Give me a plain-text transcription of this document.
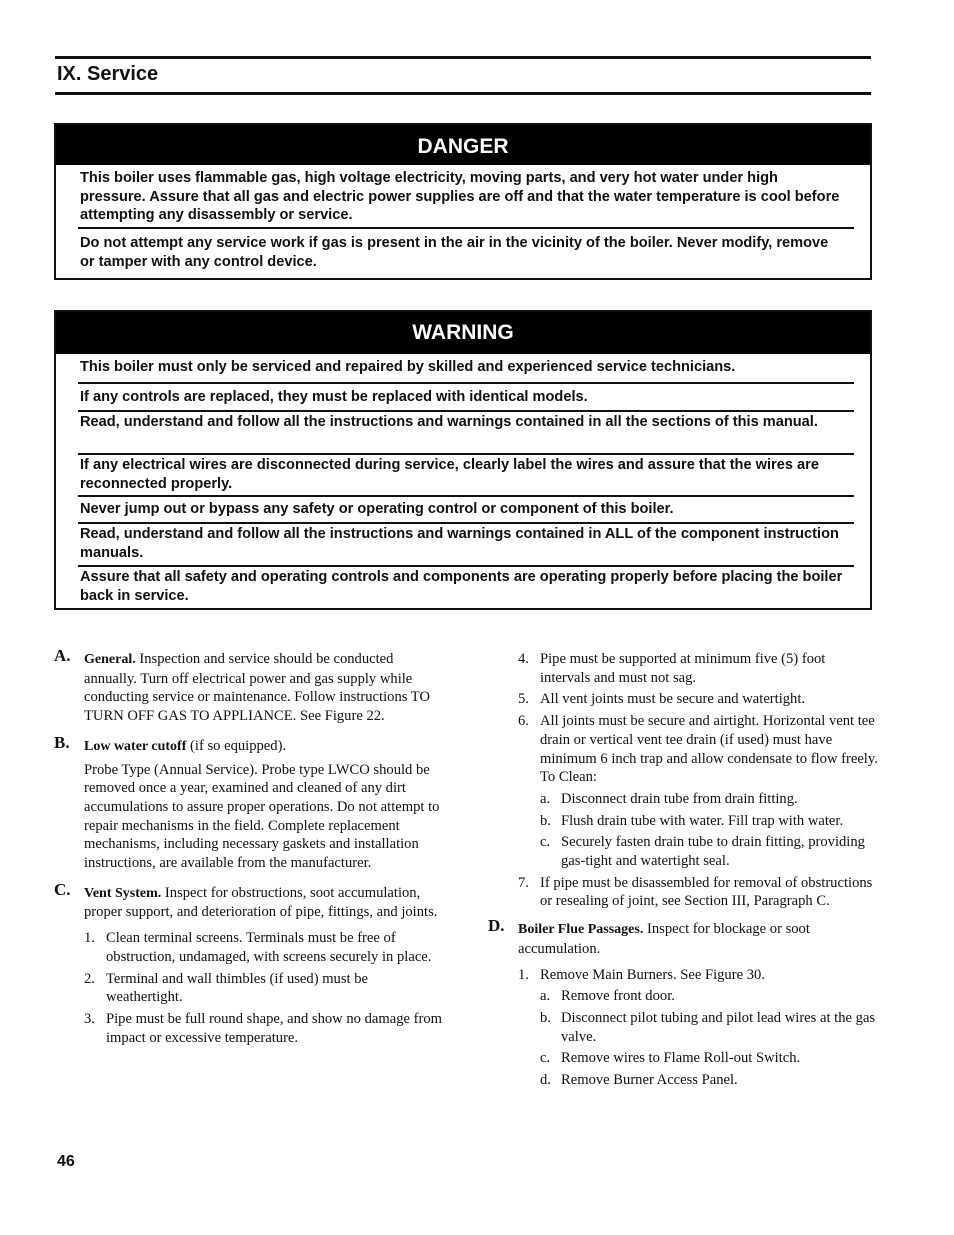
IX. Service
DANGER
This boiler uses flammable gas, high voltage electricity, moving parts, and very hot water under high pressure. Assure that all gas and electric power supplies are off and that the water temperature is cool before attempting any disassembly or service.
Do not attempt any service work if gas is present in the air in the vicinity of the boiler. Never modify, remove or tamper with any control device.
WARNING
This boiler must only be serviced and repaired by skilled and experienced service technicians.
If any controls are replaced, they must be replaced with identical models.
Read, understand and follow all the instructions and warnings contained in all the sections of this manual.
If any electrical wires are disconnected during service, clearly label the wires and assure that the wires are reconnected properly.
Never jump out or bypass any safety or operating control or component of this boiler.
Read, understand and follow all the instructions and warnings contained in ALL of the component instruction manuals.
Assure that all safety and operating controls and components are operating properly before placing the boiler back in service.

A. General. Inspection and service should be conducted annually. Turn off electrical power and gas supply while conducting service or maintenance. Follow instructions TO TURN OFF GAS TO APPLIANCE. See Figure 22.

B. Low water cutoff (if so equipped).

Probe Type (Annual Service). Probe type LWCO should be removed once a year, examined and cleaned of any dirt accumulations to assure proper operations. Do not attempt to repair mechanisms in the field. Complete replacement mechanisms, including necessary gaskets and installation instructions, are available from the manufacturer.

C. Vent System. Inspect for obstructions, soot accumulation, proper support, and deterioration of pipe, fittings, and joints.

1. Clean terminal screens. Terminals must be free of obstruction, undamaged, with screens securely in place.

2. Terminal and wall thimbles (if used) must be weathertight.

3. Pipe must be full round shape, and show no damage from impact or excessive temperature.

4. Pipe must be supported at minimum five (5) foot intervals and must not sag.

5. All vent joints must be secure and watertight.

6. All joints must be secure and airtight. Horizontal vent tee drain or vertical vent tee drain (if used) must have minimum 6 inch trap and allow condensate to flow freely. To Clean:

a. Disconnect drain tube from drain fitting.

b. Flush drain tube with water. Fill trap with water.

c. Securely fasten drain tube to drain fitting, providing gas-tight and watertight seal.

7. If pipe must be disassembled for removal of obstructions or resealing of joint, see Section III, Paragraph C.

D. Boiler Flue Passages. Inspect for blockage or soot accumulation.

1. Remove Main Burners. See Figure 30.

a. Remove front door.

b. Disconnect pilot tubing and pilot lead wires at the gas valve.

c. Remove wires to Flame Roll-out Switch.

d. Remove Burner Access Panel.

46
